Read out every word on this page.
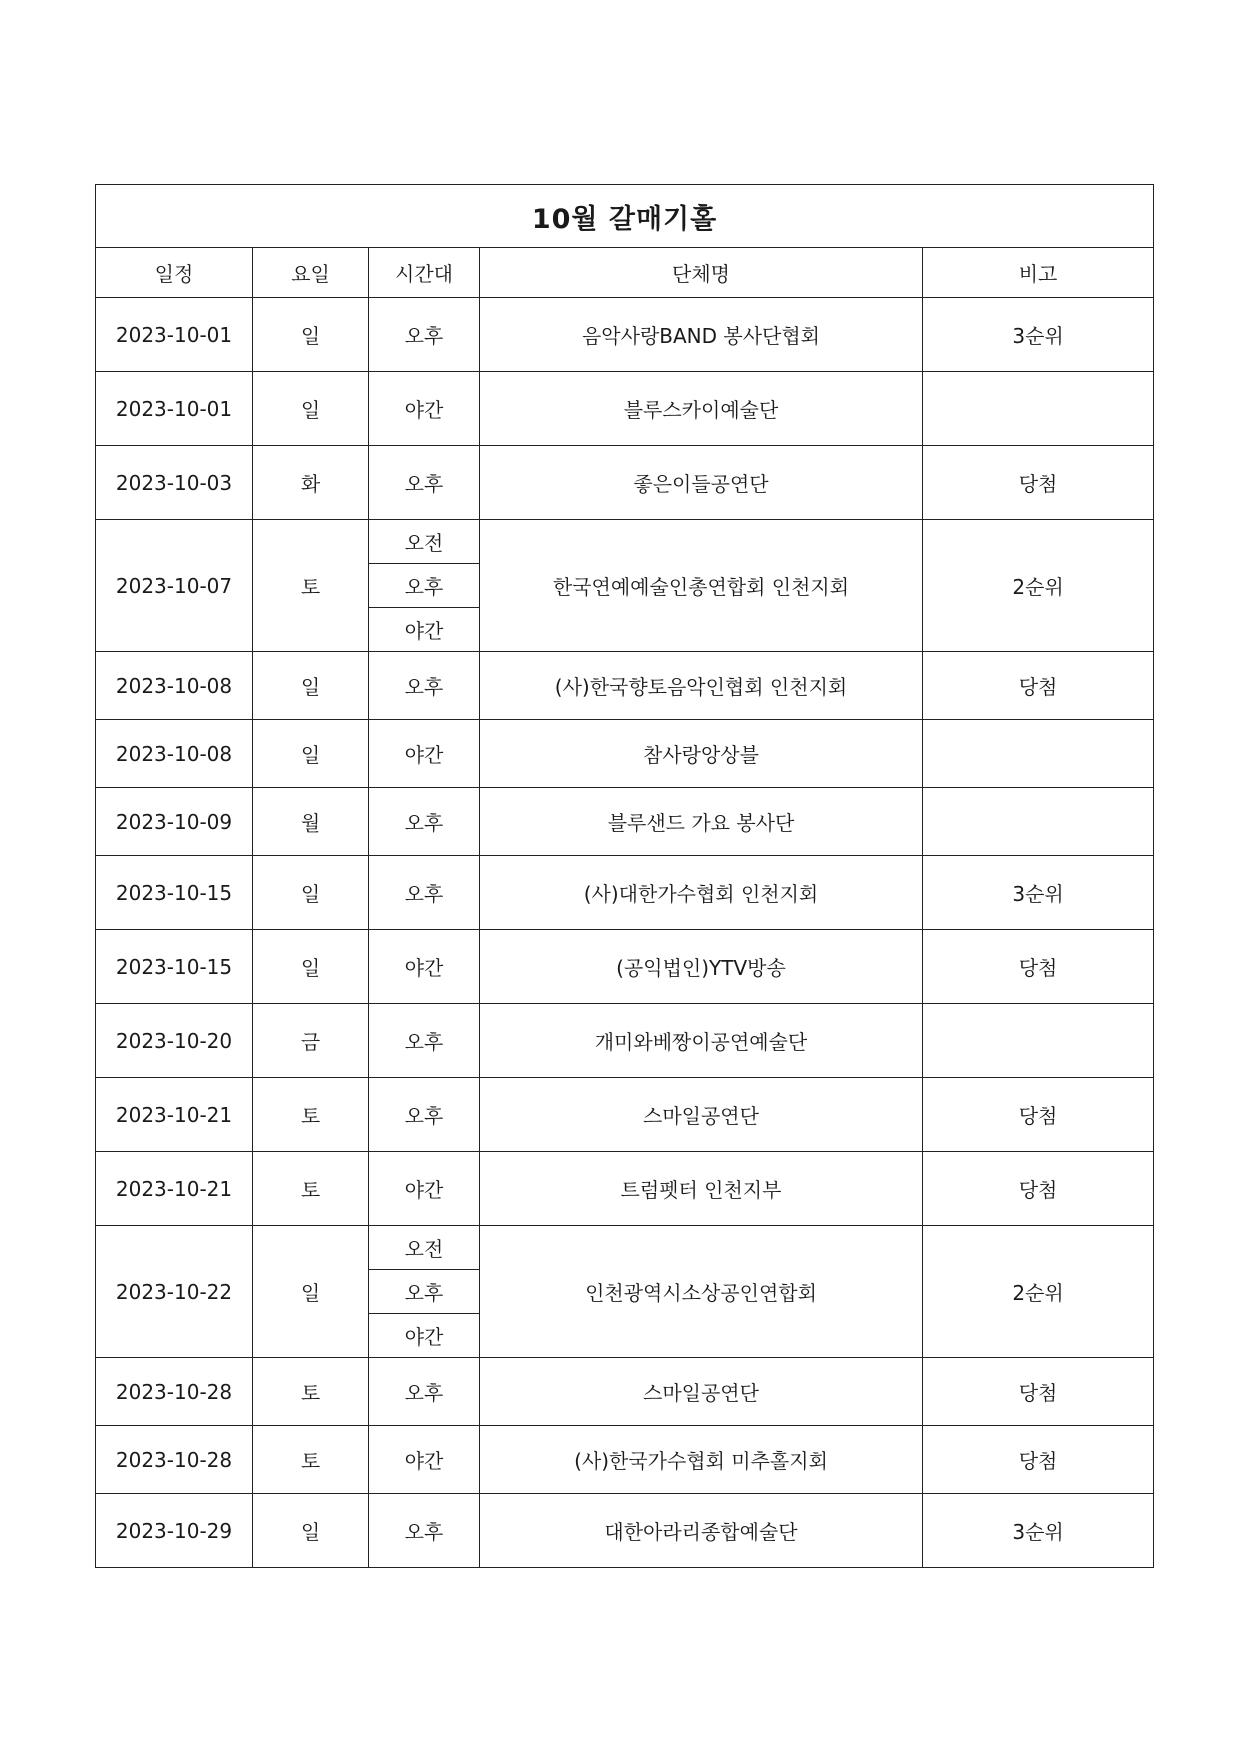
10월 갈매기홀				
일정	요일	시간대	단체명	비고
2023-10-01	일	오후	음악사랑BAND 봉사단협회	3순위
2023-10-01	일	야간	블루스카이예술단	
2023-10-03	화	오후	좋은이들공연단	당첨
2023-10-07	토	오전	한국연예예술인총연합회 인천지회	2순위
		오후		
		야간		
2023-10-08	일	오후	(사)한국향토음악인협회 인천지회	당첨
2023-10-08	일	야간	참사랑앙상블	
2023-10-09	월	오후	블루샌드 가요 봉사단	
2023-10-15	일	오후	(사)대한가수협회 인천지회	3순위
2023-10-15	일	야간	(공익법인)YTV방송	당첨
2023-10-20	금	오후	개미와베짱이공연예술단	
2023-10-21	토	오후	스마일공연단	당첨
2023-10-21	토	야간	트럼펫터 인천지부	당첨
2023-10-22	일	오전	인천광역시소상공인연합회	2순위
		오후		
		야간		
2023-10-28	토	오후	스마일공연단	당첨
2023-10-28	토	야간	(사)한국가수협회 미추홀지회	당첨
2023-10-29	일	오후	대한아라리종합예술단	3순위
